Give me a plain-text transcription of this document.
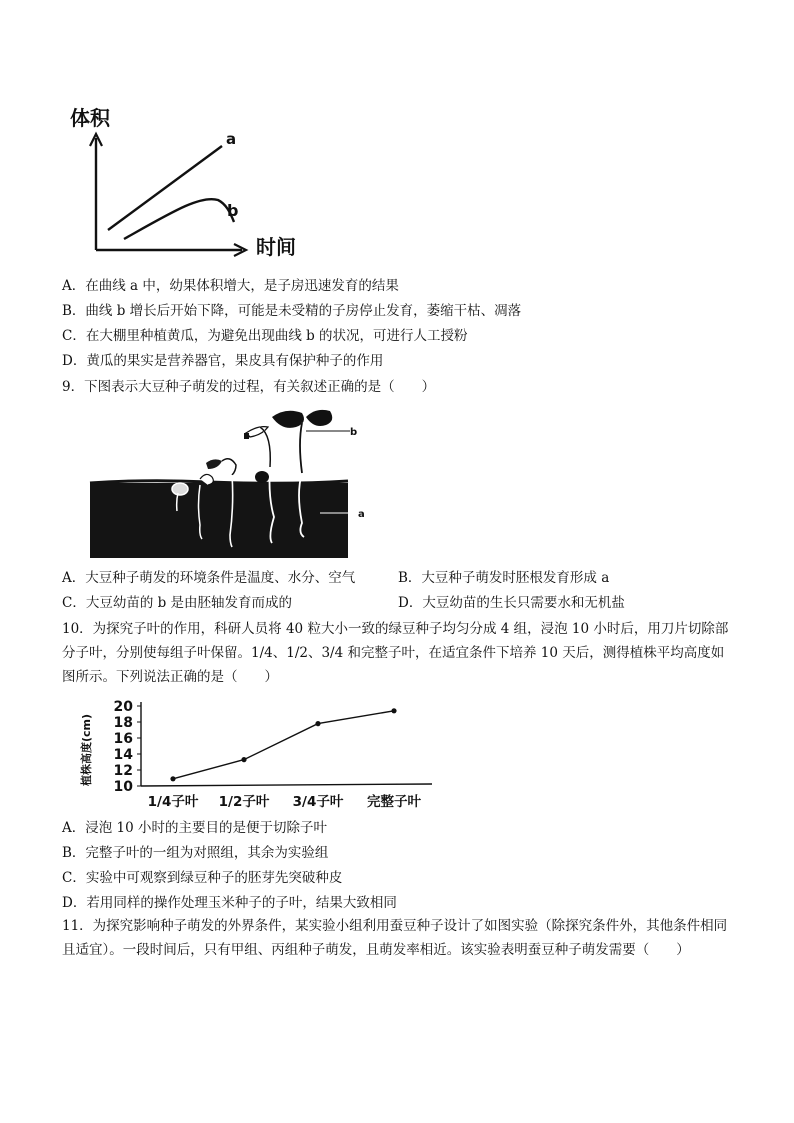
体积
时间
a
b
A．在曲线 a 中，幼果体积增大，是子房迅速发育的结果
B．曲线 b 增长后开始下降，可能是未受精的子房停止发育，萎缩干枯、凋落
C．在大棚里种植黄瓜，为避免出现曲线 b 的状况，可进行人工授粉
D．黄瓜的果实是营养器官，果皮具有保护种子的作用
9．下图表示大豆种子萌发的过程，有关叙述正确的是（　　）
b
a
A．大豆种子萌发的环境条件是温度、水分、空气	B．大豆种子萌发时胚根发育形成 a
C．大豆幼苗的 b 是由胚轴发育而成的	D．大豆幼苗的生长只需要水和无机盐
10．为探究子叶的作用，科研人员将 40 粒大小一致的绿豆种子均匀分成 4 组，浸泡 10 小时后，用刀片切除部分子叶，分别使每组子叶保留。1/4、1/2、3/4 和完整子叶，在适宜条件下培养 10 天后，测得植株平均高度如图所示。下列说法正确的是（　　）
植株高度(cm)
10
12
14
16
18
20
1/4子叶 1/2子叶 3/4子叶 完整子叶
A．浸泡 10 小时的主要目的是便于切除子叶
B．完整子叶的一组为对照组，其余为实验组
C．实验中可观察到绿豆种子的胚芽先突破种皮
D．若用同样的操作处理玉米种子的子叶，结果大致相同
11．为探究影响种子萌发的外界条件，某实验小组利用蚕豆种子设计了如图实验（除探究条件外，其他条件相同且适宜）。一段时间后，只有甲组、丙组种子萌发，且萌发率相近。该实验表明蚕豆种子萌发需要（　　）
